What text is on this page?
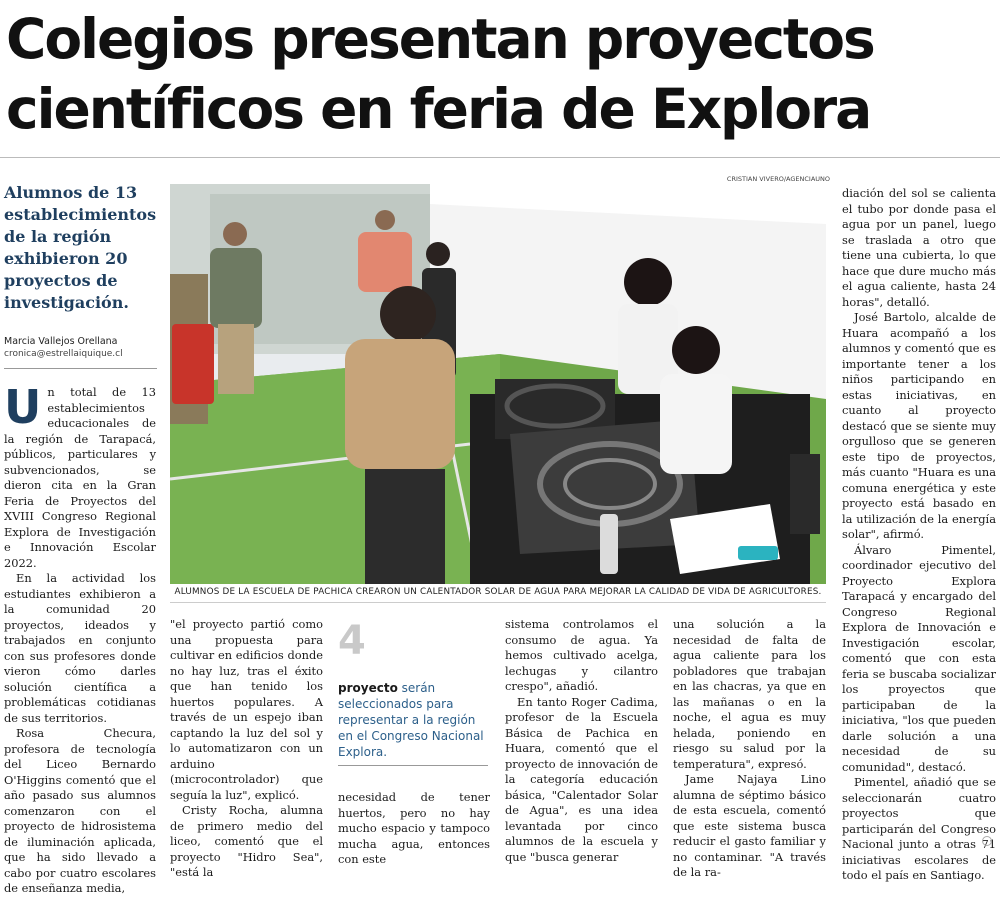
Colegios presentan proyectos
científicos en feria de Explora
Alumnos de 13 establecimientos de la región exhibieron 20 proyectos de investigación.
Marcia Vallejos Orellana
cronica@estrellaiquique.cl
CRISTIAN VIVERO/AGENCIAUNO
ALUMNOS DE LA ESCUELA DE PACHICA CREARON UN CALENTADOR SOLAR DE AGUA PARA MEJORAR LA CALIDAD DE VIDA DE AGRICULTORES.

Un total de 13 establecimientos educacionales de la región de Tarapacá, públicos, particulares y subvencionados, se dieron cita en la Gran Feria de Proyectos del XVIII Congreso Regional Explora de Investigación e Innovación Escolar 2022.

En la actividad los estudiantes exhibieron a la comunidad 20 proyectos, ideados y trabajados en conjunto con sus profesores donde vieron cómo darles solución científica a problemáticas cotidianas de sus territorios.

Rosa Checura, profesora de tecnología del Liceo Bernardo O'Higgins comentó que el año pasado sus alumnos comenzaron con el proyecto de hidrosistema de iluminación aplicada, que ha sido llevado a cabo por cuatro escolares de enseñanza media,

"el proyecto partió como una propuesta para cultivar en edificios donde no hay luz, tras el éxito que han tenido los huertos populares. A través de un espejo iban captando la luz del sol y lo automatizaron con un arduino (microcontrolador) que seguía la luz", explicó.

Cristy Rocha, alumna de primero medio del liceo, comentó que el proyecto "Hidro Sea", "está la

4
proyecto serán seleccionados para representar a la región en el Congreso Nacional Explora.

necesidad de tener huertos, pero no hay mucho espacio y tampoco mucha agua, entonces con este

sistema controlamos el consumo de agua. Ya hemos cultivado acelga, lechugas y cilantro crespo", añadió.

En tanto Roger Cadima, profesor de la Escuela Básica de Pachica en Huara, comentó que el proyecto de innovación de la categoría educación básica, "Calentador Solar de Agua", es una idea levantada por cinco alumnos de la escuela y que "busca generar

una solución a la necesidad de falta de agua caliente para los pobladores que trabajan en las chacras, ya que en las mañanas o en la noche, el agua es muy helada, poniendo en riesgo su salud por la temperatura", expresó.

Jame Najaya Lino alumna de séptimo básico de esta escuela, comentó que este sistema busca reducir el gasto familiar y no contaminar. "A través de la ra-

diación del sol se calienta el tubo por donde pasa el agua por un panel, luego se traslada a otro que tiene una cubierta, lo que hace que dure mucho más el agua caliente, hasta 24 horas", detalló.

José Bartolo, alcalde de Huara acompañó a los alumnos y comentó que es importante tener a los niños participando en estas iniciativas, en cuanto al proyecto destacó que se siente muy orgulloso que se generen este tipo de proyectos, más cuanto "Huara es una comuna energética y este proyecto está basado en la utilización de la energía solar", afirmó.

Álvaro Pimentel, coordinador ejecutivo del Proyecto Explora Tarapacá y encargado del Congreso Regional Explora de Innovación e Investigación escolar, comentó que con esta feria se buscaba socializar los proyectos que participaban de la iniciativa, "los que pueden darle solución a una necesidad de su comunidad", destacó.

Pimentel, añadió que se seleccionarán cuatro proyectos que participarán del Congreso Nacional junto a otras 71 iniciativas escolares de todo el país en Santiago.
